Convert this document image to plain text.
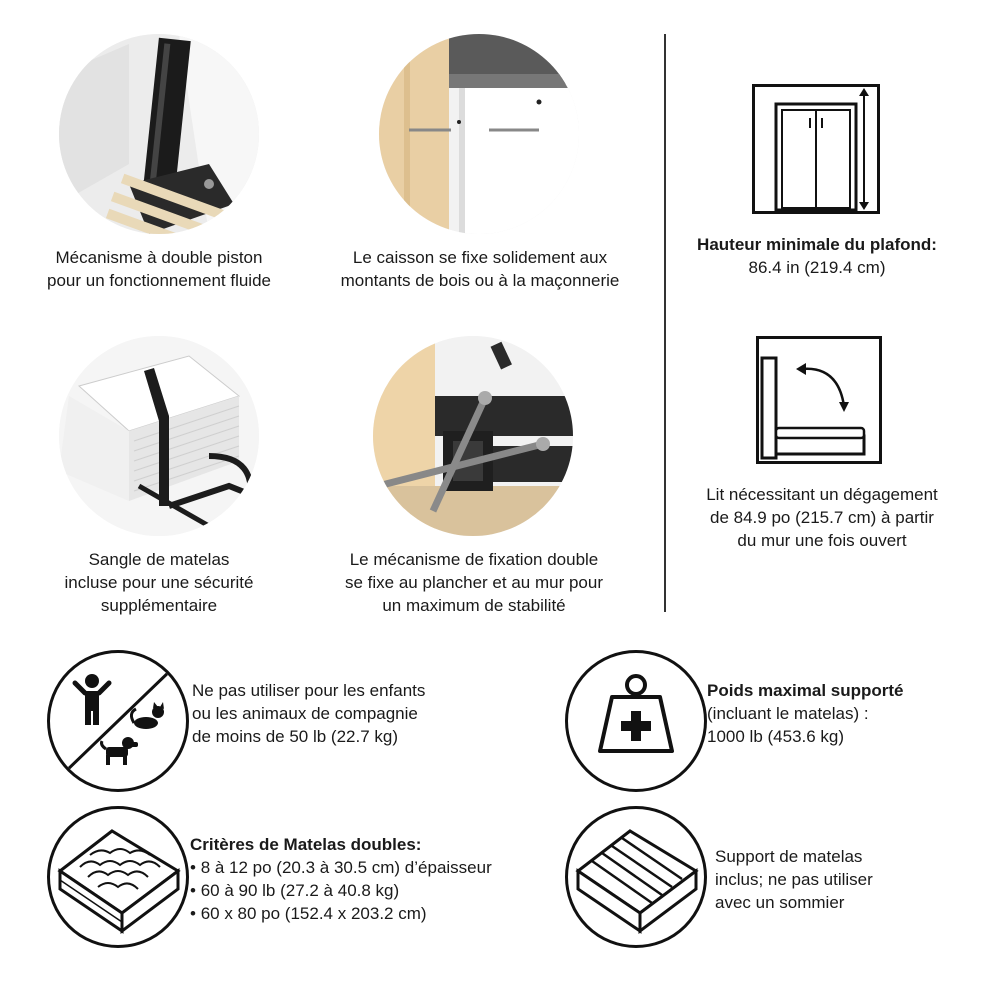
Mécanisme à double piston
pour un fonctionnement fluide
Le caisson se fixe solidement aux
montants de bois ou à la maçonnerie
Sangle de matelas
incluse pour une sécurité
supplémentaire
Le mécanisme de fixation double
se fixe au plancher et au mur pour
un maximum de stabilité
Hauteur minimale du plafond:
86.4 in (219.4 cm)
Lit nécessitant un dégagement
de 84.9 po (215.7 cm) à partir
du mur une fois ouvert
Ne pas utiliser pour les enfants
ou les animaux de compagnie
de moins de 50 lb (22.7 kg)
Poids maximal supporté
(incluant le matelas) :
1000 lb (453.6 kg)
Critères de Matelas doubles:
• 8 à 12 po (20.3 à 30.5 cm) d’épaisseur
• 60 à 90 lb (27.2 à 40.8 kg)
• 60 x 80 po (152.4 x 203.2 cm)
Support de matelas
inclus; ne pas utiliser
avec un sommier
